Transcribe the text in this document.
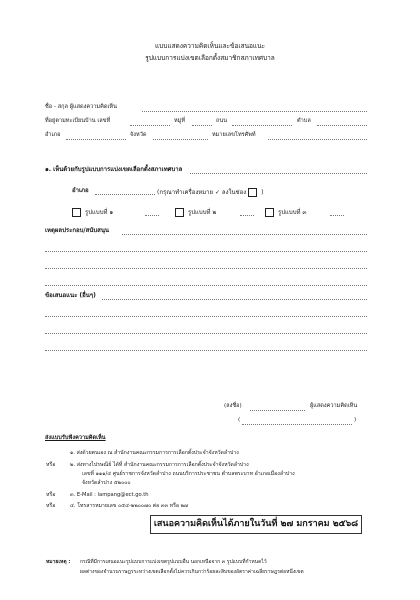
แบบแสดงความคิดเห็นและข้อเสนอแนะ
รูปแบบการแบ่งเขตเลือกตั้งสมาชิกสภาเทศบาล
ชื่อ - สกุล ผู้แสดงความคิดเห็น
ที่อยู่ตามทะเบียนบ้าน เลขที่	หมู่ที่	ถนน	ตำบล
อำเภอ	จังหวัด	หมายเลขโทรศัพท์
๑. เห็นด้วยกับรูปแบบการแบ่งเขตเลือกตั้งสภาเทศบาล
อำเภอ	(กรุณาทำเครื่องหมาย ✓ ลงในช่อง )
รูปแบบที่ ๑	รูปแบบที่ ๒	รูปแบบที่ ๓
เหตุผลประกอบ/สนับสนุน
ข้อเสนอแนะ (อื่นๆ)
(ลงชื่อ)	ผู้แสดงความคิดเห็น
(	)
ส่งแบบรับฟังความคิดเห็น
๑. ส่งด้วยตนเอง ณ สำนักงานคณะกรรมการการเลือกตั้งประจำจังหวัดลำปาง
หรือ	๒. ส่งทางไปรษณีย์ ได้ที่ สำนักงานคณะกรรมการการเลือกตั้งประจำจังหวัดลำปาง
เลขที่ ๑๑๑/๔ ศูนย์ราชการจังหวัดลำปาง ถนนบริการประชาชน ตำบลพระบาท อำเภอเมืองลำปาง
จังหวัดลำปาง ๕๒๐๐๐
หรือ	๓. E-Mail : lampang@ect.go.th
หรือ	๔. โทรสารหมายเลข ๐๕๔-๒๒๐๐๗๐ ต่อ ๓๓ หรือ ๒๗
เสนอความคิดเห็นได้ภายในวันที่ ๒๗ มกราคม ๒๕๖๘
หมายเหตุ : กรณีที่มีการเสนอแนะรูปแบบการแบ่งเขตรูปแบบอื่น นอกเหนือจาก ๓ รูปแบบที่กำหนดไว้
ผลต่างของจำนวนราษฎรระหว่างเขตเลือกตั้งไม่ควรเกินกว่าร้อยละสิบของอัตราค่าเฉลี่ยราษฎรต่อหนึ่งเขต
